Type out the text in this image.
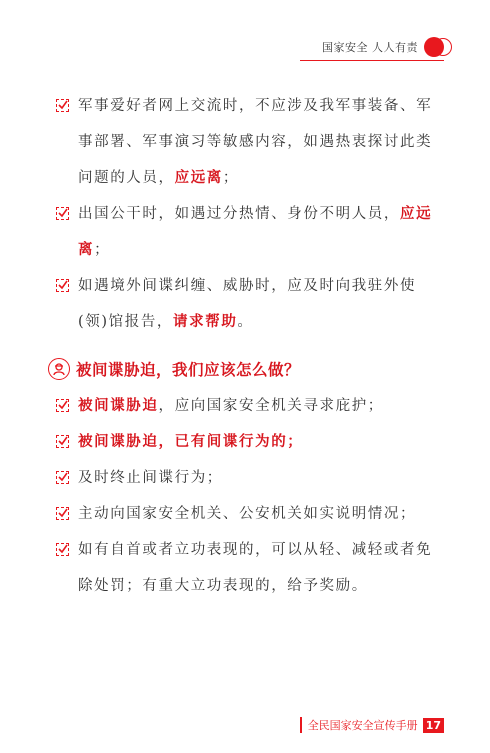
国家安全 人人有责
军事爱好者网上交流时，不应涉及我军事装备、军事部署、军事演习等敏感内容，如遇热衷探讨此类问题的人员，应远离；
出国公干时，如遇过分热情、身份不明人员，应远离；
如遇境外间谍纠缠、威胁时，应及时向我驻外使(领)馆报告，请求帮助。
被间谍胁迫，我们应该怎么做？
被间谍胁迫，应向国家安全机关寻求庇护；
被间谍胁迫，已有间谍行为的；
及时终止间谍行为；
主动向国家安全机关、公安机关如实说明情况；
如有自首或者立功表现的，可以从轻、减轻或者免除处罚；有重大立功表现的，给予奖励。
全民国家安全宣传手册 17
